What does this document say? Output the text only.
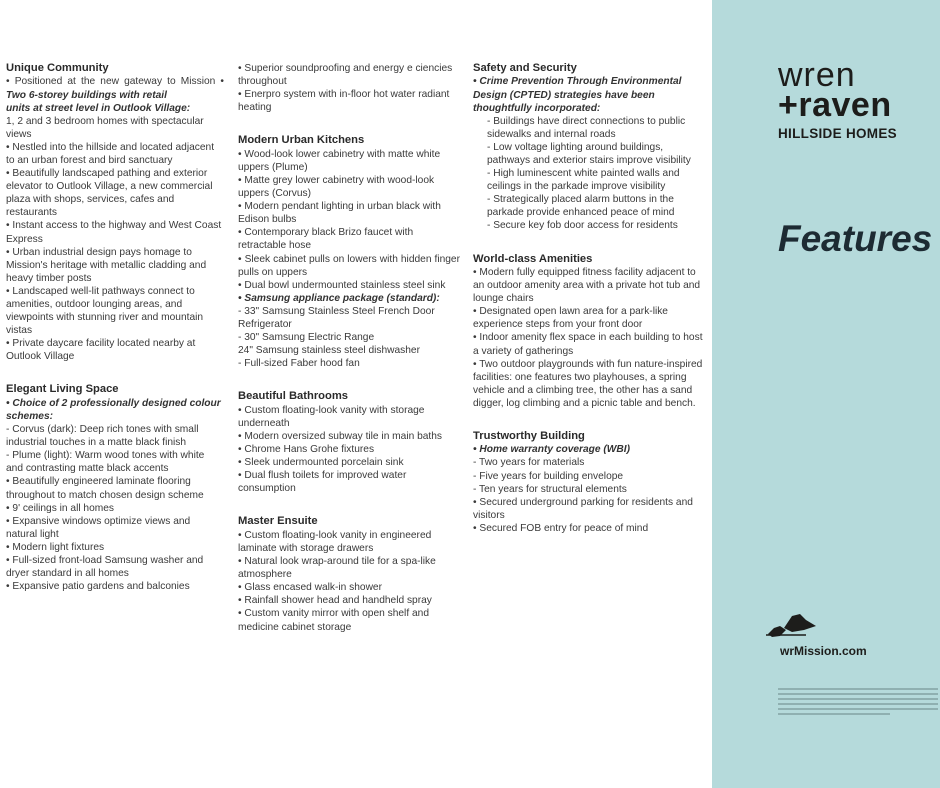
Unique Community
• Positioned at the new gateway to Mission • Two 6-storey buildings with retail
units at street level in Outlook Village:
1, 2 and 3 bedroom homes with spectacular views
• Nestled into the hillside and located adjacent to an urban forest and bird sanctuary
• Beautifully landscaped pathing and exterior elevator to Outlook Village, a new commercial plaza with shops, services, cafes and restaurants
• Instant access to the highway and West Coast Express
• Urban industrial design pays homage to Mission's heritage with metallic cladding and heavy timber posts
• Landscaped well-lit pathways connect to amenities, outdoor lounging areas, and viewpoints with stunning river and mountain vistas
• Private daycare facility located nearby at Outlook Village
Elegant Living Space
• Choice of 2 professionally designed colour schemes:
- Corvus (dark): Deep rich tones with small industrial touches in a matte black finish
- Plume (light): Warm wood tones with white and contrasting matte black accents
• Beautifully engineered laminate flooring throughout to match chosen design scheme
• 9' ceilings in all homes
• Expansive windows optimize views and natural light
• Modern light fixtures
• Full-sized front-load Samsung washer and dryer standard in all homes
• Expansive patio gardens and balconies
• Superior soundproofing and energy e ciencies throughout
• Enerpro system with in-floor hot water radiant heating
Modern Urban Kitchens
• Wood-look lower cabinetry with matte white uppers (Plume)
• Matte grey lower cabinetry with wood-look uppers (Corvus)
• Modern pendant lighting in urban black with Edison bulbs
• Contemporary black Brizo faucet with retractable hose
• Sleek cabinet pulls on lowers with hidden finger pulls on uppers
• Dual bowl undermounted stainless steel sink
• Samsung appliance package (standard):
- 33" Samsung Stainless Steel French Door Refrigerator
- 30" Samsung Electric Range
24" Samsung stainless steel dishwasher
- Full-sized Faber hood fan
Beautiful Bathrooms
• Custom floating-look vanity with storage underneath
• Modern oversized subway tile in main baths
• Chrome Hans Grohe fixtures
• Sleek undermounted porcelain sink
• Dual flush toilets for improved water consumption
Master Ensuite
• Custom floating-look vanity in engineered laminate with storage drawers
• Natural look wrap-around tile for a spa-like atmosphere
• Glass encased walk-in shower
• Rainfall shower head and handheld spray
• Custom vanity mirror with open shelf and medicine cabinet storage
Safety and Security
• Crime Prevention Through Environmental Design (CPTED) strategies have been thoughtfully incorporated:
- Buildings have direct connections to public sidewalks and internal roads
- Low voltage lighting around buildings, pathways and exterior stairs improve visibility
- High luminescent white painted walls and ceilings in the parkade improve visibility
- Strategically placed alarm buttons in the parkade provide enhanced peace of mind
- Secure key fob door access for residents
World-class Amenities
• Modern fully equipped fitness facility adjacent to an outdoor amenity area with a private hot tub and lounge chairs
• Designated open lawn area for a park-like experience steps from your front door
• Indoor amenity flex space in each building to host a variety of gatherings
• Two outdoor playgrounds with fun nature-inspired facilities: one features two playhouses, a spring vehicle and a climbing tree, the other has a sand digger, log climbing and a picnic table and bench.
Trustworthy Building
• Home warranty coverage (WBI)
- Two years for materials
- Five years for building envelope
- Ten years for structural elements
• Secured underground parking for residents and visitors
• Secured FOB entry for peace of mind
wren
+raven
HILLSIDE HOMES
Features
wrMission.com
